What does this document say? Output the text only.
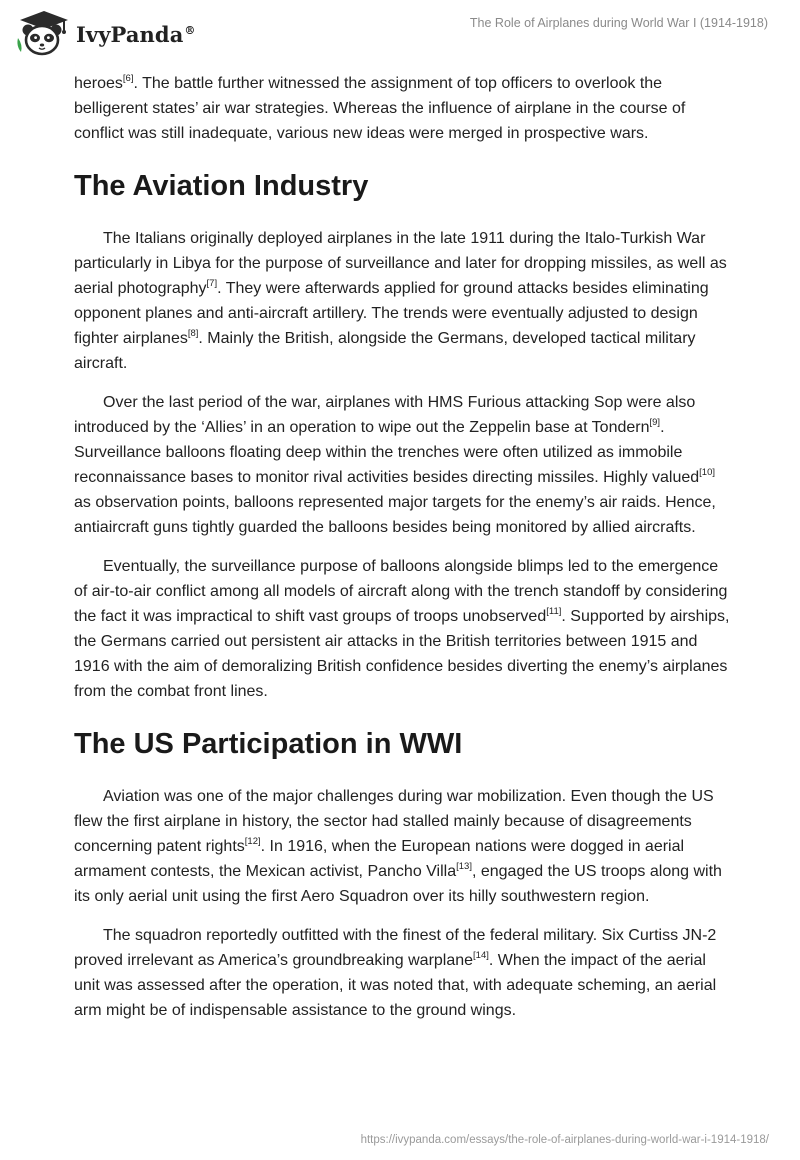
IvyPanda®	The Role of Airplanes during World War I (1914-1918)

heroes[6]. The battle further witnessed the assignment of top officers to overlook the belligerent states’ air war strategies. Whereas the influence of airplane in the course of conflict was still inadequate, various new ideas were merged in prospective wars.

The Aviation Industry

The Italians originally deployed airplanes in the late 1911 during the Italo-Turkish War particularly in Libya for the purpose of surveillance and later for dropping missiles, as well as aerial photography[7]. They were afterwards applied for ground attacks besides eliminating opponent planes and anti-aircraft artillery. The trends were eventually adjusted to design fighter airplanes[8]. Mainly the British, alongside the Germans, developed tactical military aircraft.

Over the last period of the war, airplanes with HMS Furious attacking Sop were also introduced by the ‘Allies’ in an operation to wipe out the Zeppelin base at Tondern[9]. Surveillance balloons floating deep within the trenches were often utilized as immobile reconnaissance bases to monitor rival activities besides directing missiles. Highly valued[10] as observation points, balloons represented major targets for the enemy’s air raids. Hence, antiaircraft guns tightly guarded the balloons besides being monitored by allied aircrafts.

Eventually, the surveillance purpose of balloons alongside blimps led to the emergence of air-to-air conflict among all models of aircraft along with the trench standoff by considering the fact it was impractical to shift vast groups of troops unobserved[11]. Supported by airships, the Germans carried out persistent air attacks in the British territories between 1915 and 1916 with the aim of demoralizing British confidence besides diverting the enemy’s airplanes from the combat front lines.

The US Participation in WWI

Aviation was one of the major challenges during war mobilization. Even though the US flew the first airplane in history, the sector had stalled mainly because of disagreements concerning patent rights[12]. In 1916, when the European nations were dogged in aerial armament contests, the Mexican activist, Pancho Villa[13], engaged the US troops along with its only aerial unit using the first Aero Squadron over its hilly southwestern region.

The squadron reportedly outfitted with the finest of the federal military. Six Curtiss JN-2 proved irrelevant as America’s groundbreaking warplane[14]. When the impact of the aerial unit was assessed after the operation, it was noted that, with adequate scheming, an aerial arm might be of indispensable assistance to the ground wings.

https://ivypanda.com/essays/the-role-of-airplanes-during-world-war-i-1914-1918/
